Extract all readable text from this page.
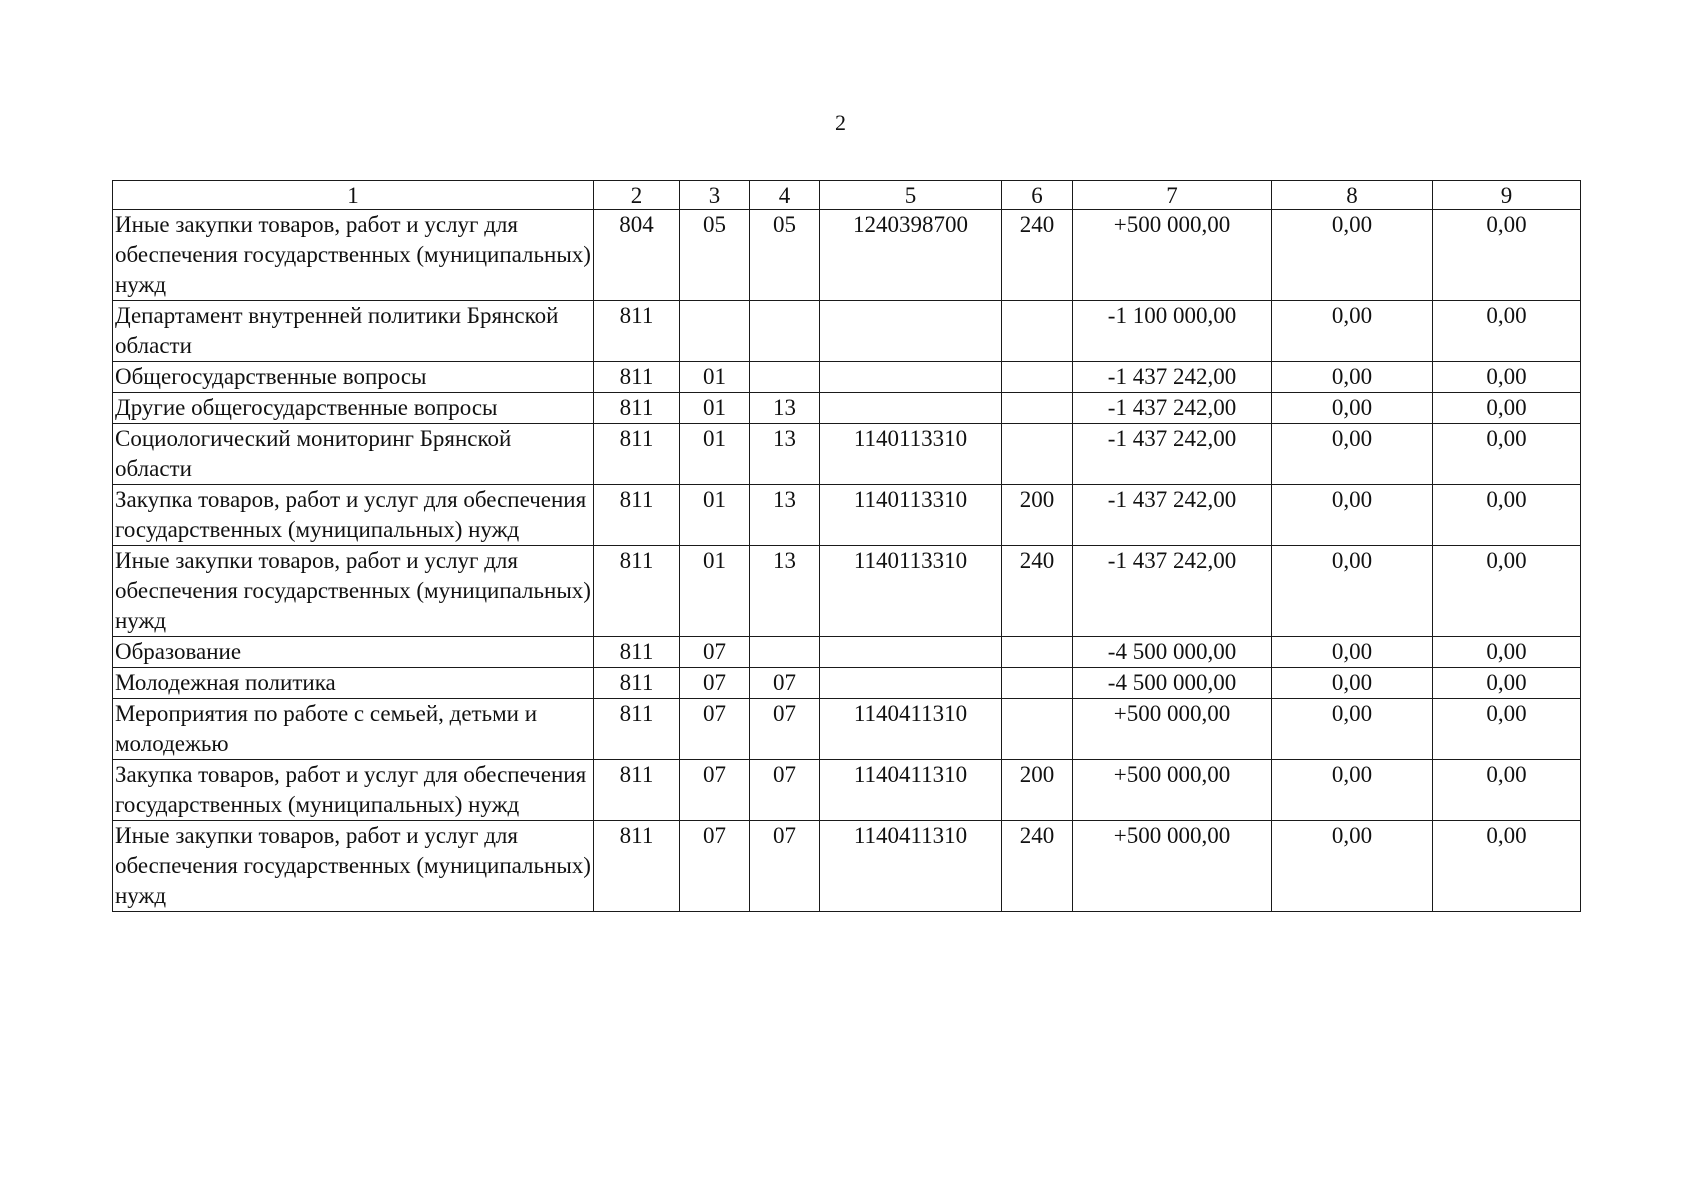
2
1	2	3	4	5	6	7	8	9
Иные закупки товаров, работ и услуг для обеспечения государственных (муниципальных) нужд	804	05	05	1240398700	240	+500 000,00	0,00	0,00
Департамент внутренней политики Брянской области	811					-1 100 000,00	0,00	0,00
Общегосударственные вопросы	811	01				-1 437 242,00	0,00	0,00
Другие общегосударственные вопросы	811	01	13			-1 437 242,00	0,00	0,00
Социологический мониторинг Брянской области	811	01	13	1140113310		-1 437 242,00	0,00	0,00
Закупка товаров, работ и услуг для обеспечения государственных (муниципальных) нужд	811	01	13	1140113310	200	-1 437 242,00	0,00	0,00
Иные закупки товаров, работ и услуг для обеспечения государственных (муниципальных) нужд	811	01	13	1140113310	240	-1 437 242,00	0,00	0,00
Образование	811	07				-4 500 000,00	0,00	0,00
Молодежная политика	811	07	07			-4 500 000,00	0,00	0,00
Мероприятия по работе с семьей, детьми и молодежью	811	07	07	1140411310		+500 000,00	0,00	0,00
Закупка товаров, работ и услуг для обеспечения государственных (муниципальных) нужд	811	07	07	1140411310	200	+500 000,00	0,00	0,00
Иные закупки товаров, работ и услуг для обеспечения государственных (муниципальных) нужд	811	07	07	1140411310	240	+500 000,00	0,00	0,00
